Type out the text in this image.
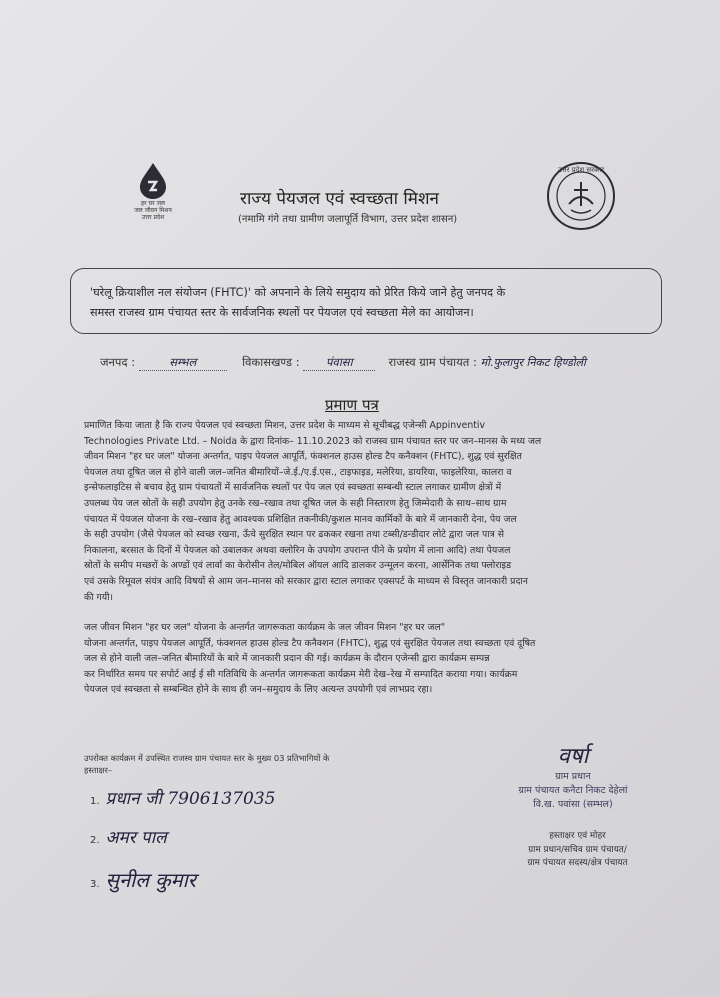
हर घर जल
जल जीवन मिशन
उत्तर प्रदेश
उत्तर प्रदेश सरकार
राज्य पेयजल एवं स्वच्छता मिशन
(नमामि गंगे तथा ग्रामीण जलापूर्ति विभाग, उत्तर प्रदेश शासन)
'घरेलू क्रियाशील नल संयोजन (FHTC)' को अपनाने के लिये समुदाय को प्रेरित किये जाने हेतु जनपद के
समस्त राजस्व ग्राम पंचायत स्तर के सार्वजनिक स्थलों पर पेयजल एवं स्वच्छता मेले का आयोजन।
जनपद :	सम्भल	विकासखण्ड : पंवासा	राजस्व ग्राम पंचायत : मो.फुलापुर निकट हिण्डोली
प्रमाण पत्र
प्रमाणित किया जाता है कि राज्य पेयजल एवं स्वच्छता मिशन, उत्तर प्रदेश के माध्यम से सूचीबद्ध एजेन्सी Appinventiv
Technologies Private Ltd. – Noida के द्वारा दिनांक– 11.10.2023 को राजस्व ग्राम पंचायत स्तर पर जन–मानस के मध्य जल
जीवन मिशन "हर घर जल" योजना अन्तर्गत, पाइप पेयजल आपूर्ति, फंक्शनल हाउस होल्ड टैप कनैक्शन (FHTC), शुद्ध एवं सुरक्षित
पेयजल तथा दूषित जल से होने वाली जल–जनित बीमारियों–जे.ई./ए.ई.एस., टाइफाइड, मलेरिया, डायरिया, फाइलेरिया, कालरा व
इन्सेफलाइटिस से बचाव हेतु ग्राम पंचायतों में सार्वजनिक स्थलों पर पेय जल एवं स्वच्छता सम्बन्धी स्टाल लगाकर ग्रामीण क्षेत्रों में
उपलब्ध पेय जल स्रोतों के सही उपयोग हेतु उनके रख–रखाव तथा दूषित जल के सही निस्तारण हेतु जिम्मेदारी के साथ–साथ ग्राम
पंचायत में पेयजल योजना के रख–रखाव हेतु आवश्यक प्रशिक्षित तकनीकी/कुशल मानव कार्मिकों के बारे में जानकारी देना, पेय जल
के सही उपयोग (जैसे पेयजल को स्वच्छ रखना, ऊँचे सुरक्षित स्थान पर ढककर रखना तथा टब्सी/डन्डीदार लोटे द्वारा जल पात्र से
निकालना, बरसात के दिनों में पेयजल को उबालकर अथवा क्लोरिन के उपयोग उपरान्त पीने के प्रयोग में लाना आदि) तथा पेयजल
स्रोतों के समीप मच्छरों के अण्डों एवं लार्वा का केरोसीन तेल/मोबिल ऑयल आदि डालकर उन्मूलन करना, आर्सेनिक तथा फ्लोराइड
एवं उसके रिमूवल संयंत्र आदि विषयों से आम जन–मानस को सरकार द्वारा स्टाल लगाकर एक्सपर्ट के माध्यम से विस्तृत जानकारी प्रदान
की गयी।
जल जीवन मिशन "हर घर जल" योजना के अन्तर्गत जागरूकता कार्यक्रम के जल जीवन मिशन "हर घर जल"
योजना अन्तर्गत, पाइप पेयजल आपूर्ति, फंक्शनल हाउस होल्ड टैप कनैक्शन (FHTC), शुद्ध एवं सुरक्षित पेयजल तथा स्वच्छता एवं दूषित
जल से होने वाली जल–जनित बीमारियों के बारे में जानकारी प्रदान की गई। कार्यक्रम के दौरान एजेन्सी द्वारा कार्यक्रम सम्पन्न
कर निर्धारित समय पर सपोर्ट आई ई सी गतिविधि के अन्तर्गत जागरूकता कार्यक्रम मेरी देख–रेख में सम्पादित कराया गया। कार्यक्रम
पेयजल एवं स्वच्छता से सम्बन्धित होने के साथ ही जन–समुदाय के लिए अत्यन्त उपयोगी एवं लाभप्रद रहा।
उपरोक्त कार्यक्रम में उपस्थित राजस्व ग्राम पंचायत स्तर के मुख्य 03 प्रतिभागियों के
हस्ताक्षर–
1. प्रधान जी 7906137035
2. अमर पाल
3. सुनील कुमार
वर्षा
ग्राम प्रधान
ग्राम पंचायत कनैटा निकट देहेलां
वि.ख. पवांसा (सम्भल)
हस्ताक्षर एवं मोहर
ग्राम प्रधान/सचिव ग्राम पंचायत/
ग्राम पंचायत सदस्य/क्षेत्र पंचायत
